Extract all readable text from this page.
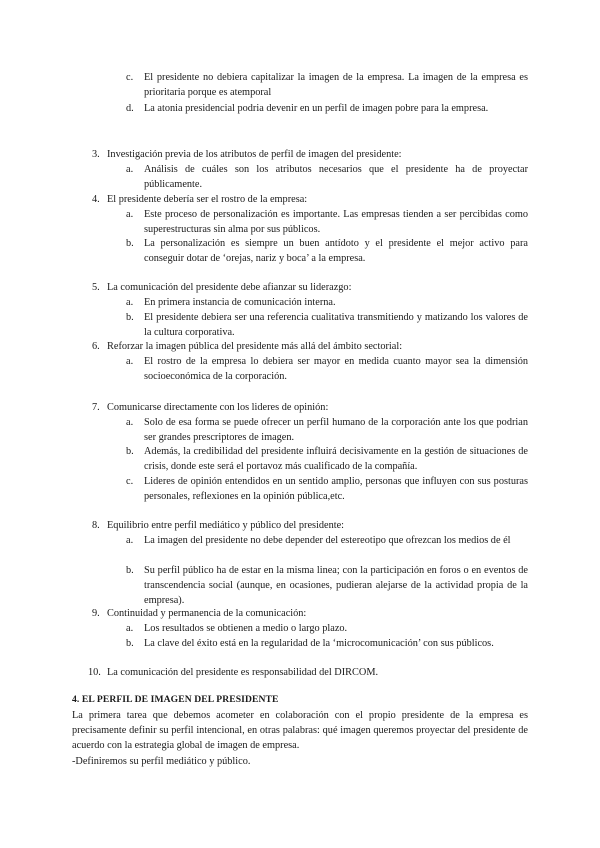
c. El presidente no debiera capitalizar la imagen de la empresa. La imagen de la empresa es prioritaria porque es atemporal
d. La atonia presidencial podria devenir en un perfil de imagen pobre para la empresa.
3. Investigación previa de los atributos de perfil de imagen del presidente:
a. Análisis de cuáles son los atributos necesarios que el presidente ha de proyectar públicamente.
4. El presidente debería ser el rostro de la empresa:
a. Este proceso de personalización es importante. Las empresas tienden a ser percibidas como superestructuras sin alma por sus públicos.
b. La personalización es siempre un buen antídoto y el presidente el mejor activo para conseguir dotar de ‘orejas, nariz y boca’ a la empresa.
5. La comunicación del presidente debe afianzar su liderazgo:
a. En primera instancia de comunicación interna.
b. El presidente debiera ser una referencia cualitativa transmitiendo y matizando los valores de la cultura corporativa.
6. Reforzar la imagen pública del presidente más allá del ámbito sectorial:
a. El rostro de la empresa lo debiera ser mayor en medida cuanto mayor sea la dimensión socioeconómica de la corporación.
7. Comunicarse directamente con los lideres de opinión:
a. Solo de esa forma se puede ofrecer un perfil humano de la corporación ante los que podrian ser grandes prescriptores de imagen.
b. Además, la credibilidad del presidente influirá decisivamente en la gestión de situaciones de crisis, donde este será el portavoz más cualificado de la compañía.
c. Lideres de opinión entendidos en un sentido amplio, personas que influyen con sus posturas personales, reflexiones en la opinión pública,etc.
8. Equilibrio entre perfil mediático y público del presidente:
a. La imagen del presidente no debe depender del estereotipo que ofrezcan los medios de él
b. Su perfil público ha de estar en la misma linea; con la participación en foros o en eventos de transcendencia social (aunque, en ocasiones, pudieran alejarse de la actividad propia de la empresa).
9. Continuidad y permanencia de la comunicación:
a. Los resultados se obtienen a medio o largo plazo.
b. La clave del éxito está en la regularidad de la ‘microcomunicación’ con sus públicos.
10. La comunicación del presidente es responsabilidad del DIRCOM.
4. EL PERFIL DE IMAGEN DEL PRESIDENTE
La primera tarea que debemos acometer en colaboración con el propio presidente de la empresa es precisamente definir su perfil intencional, en otras palabras: qué imagen queremos proyectar del presidente de acuerdo con la estrategia global de imagen de empresa.
-Definiremos su perfil mediático y público.
